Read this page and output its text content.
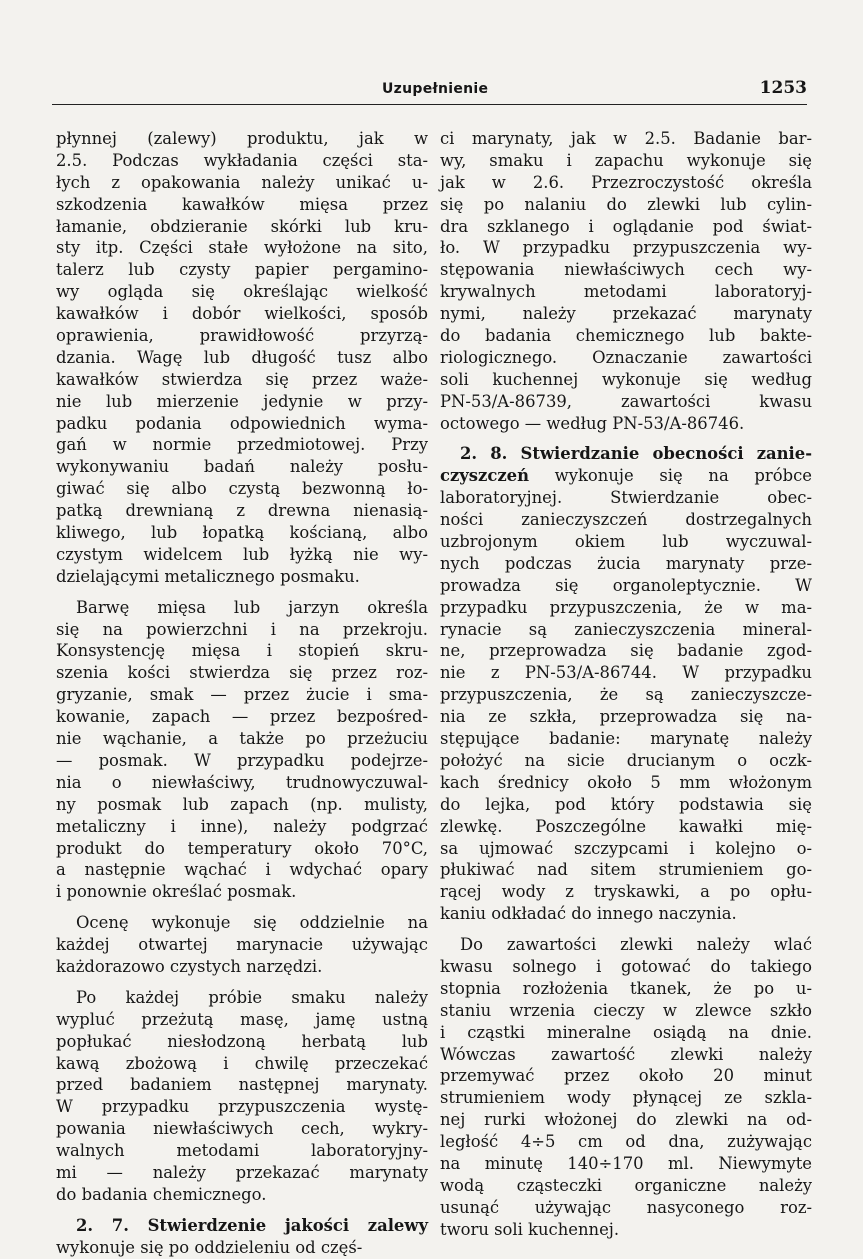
Uzupełnienie	1253
płynnej (zalewy) produktu, jak w
2.5. Podczas wykładania części sta-
łych z opakowania należy unikać u-
szkodzenia kawałków mięsa przez
łamanie, obdzieranie skórki lub kru-
sty itp. Części stałe wyłożone na sito,
talerz lub czysty papier pergamino-
wy ogląda się określając wielkość
kawałków i dobór wielkości, sposób
oprawienia, prawidłowość przyrzą-
dzania. Wagę lub długość tusz albo
kawałków stwierdza się przez waże-
nie lub mierzenie jedynie w przy-
padku podania odpowiednich wyma-
gań w normie przedmiotowej. Przy
wykonywaniu badań należy posłu-
giwać się albo czystą bezwonną ło-
patką drewnianą z drewna nienasią-
kliwego, lub łopatką kościaną, albo
czystym widelcem lub łyżką nie wy-
dzielającymi metalicznego posmaku.
Barwę mięsa lub jarzyn określa
się na powierzchni i na przekroju.
Konsystencję mięsa i stopień skru-
szenia kości stwierdza się przez roz-
gryzanie, smak — przez żucie i sma-
kowanie, zapach — przez bezpośred-
nie wąchanie, a także po przeżuciu
— posmak. W przypadku podejrze-
nia o niewłaściwy, trudnowyczuwal-
ny posmak lub zapach (np. mulisty,
metaliczny i inne), należy podgrzać
produkt do temperatury około 70°C,
a następnie wąchać i wdychać opary
i ponownie określać posmak.
Ocenę wykonuje się oddzielnie na
każdej otwartej marynacie używając
każdorazowo czystych narzędzi.
Po każdej próbie smaku należy
wypluć przeżutą masę, jamę ustną
popłukać niesłodzoną herbatą lub
kawą zbożową i chwilę przeczekać
przed badaniem następnej marynaty.
W przypadku przypuszczenia wystę-
powania niewłaściwych cech, wykry-
walnych metodami laboratoryjny-
mi — należy przekazać marynaty
do badania chemicznego.
2. 7. Stwierdzenie jakości zalewy
wykonuje się po oddzieleniu od częś-
ci marynaty, jak w 2.5. Badanie bar-
wy, smaku i zapachu wykonuje się
jak w 2.6. Przezroczystość określa
się po nalaniu do zlewki lub cylin-
dra szklanego i oglądanie pod świat-
ło. W przypadku przypuszczenia wy-
stępowania niewłaściwych cech wy-
krywalnych metodami laboratoryj-
nymi, należy przekazać marynaty
do badania chemicznego lub bakte-
riologicznego. Oznaczanie zawartości
soli kuchennej wykonuje się według
PN-53/A-86739, zawartości kwasu
octowego — według PN-53/A-86746.
2. 8. Stwierdzanie obecności zanie-
czyszczeń wykonuje się na próbce
laboratoryjnej. Stwierdzanie obec-
ności zanieczyszczeń dostrzegalnych
uzbrojonym okiem lub wyczuwal-
nych podczas żucia marynaty prze-
prowadza się organoleptycznie. W
przypadku przypuszczenia, że w ma-
rynacie są zanieczyszczenia mineral-
ne, przeprowadza się badanie zgod-
nie z PN-53/A-86744. W przypadku
przypuszczenia, że są zanieczyszcze-
nia ze szkła, przeprowadza się na-
stępujące badanie: marynatę należy
położyć na sicie drucianym o oczk-
kach średnicy około 5 mm włożonym
do lejka, pod który podstawia się
zlewkę. Poszczególne kawałki mię-
sa ujmować szczypcami i kolejno o-
płukiwać nad sitem strumieniem go-
rącej wody z tryskawki, a po opłu-
kaniu odkładać do innego naczynia.
Do zawartości zlewki należy wlać
kwasu solnego i gotować do takiego
stopnia rozłożenia tkanek, że po u-
staniu wrzenia cieczy w zlewce szkło
i cząstki mineralne osiądą na dnie.
Wówczas zawartość zlewki należy
przemywać przez około 20 minut
strumieniem wody płynącej ze szkla-
nej rurki włożonej do zlewki na od-
ległość 4÷5 cm od dna, zużywając
na minutę 140÷170 ml. Niewymyte
wodą cząsteczki organiczne należy
usunąć używając nasyconego roz-
tworu soli kuchennej.
